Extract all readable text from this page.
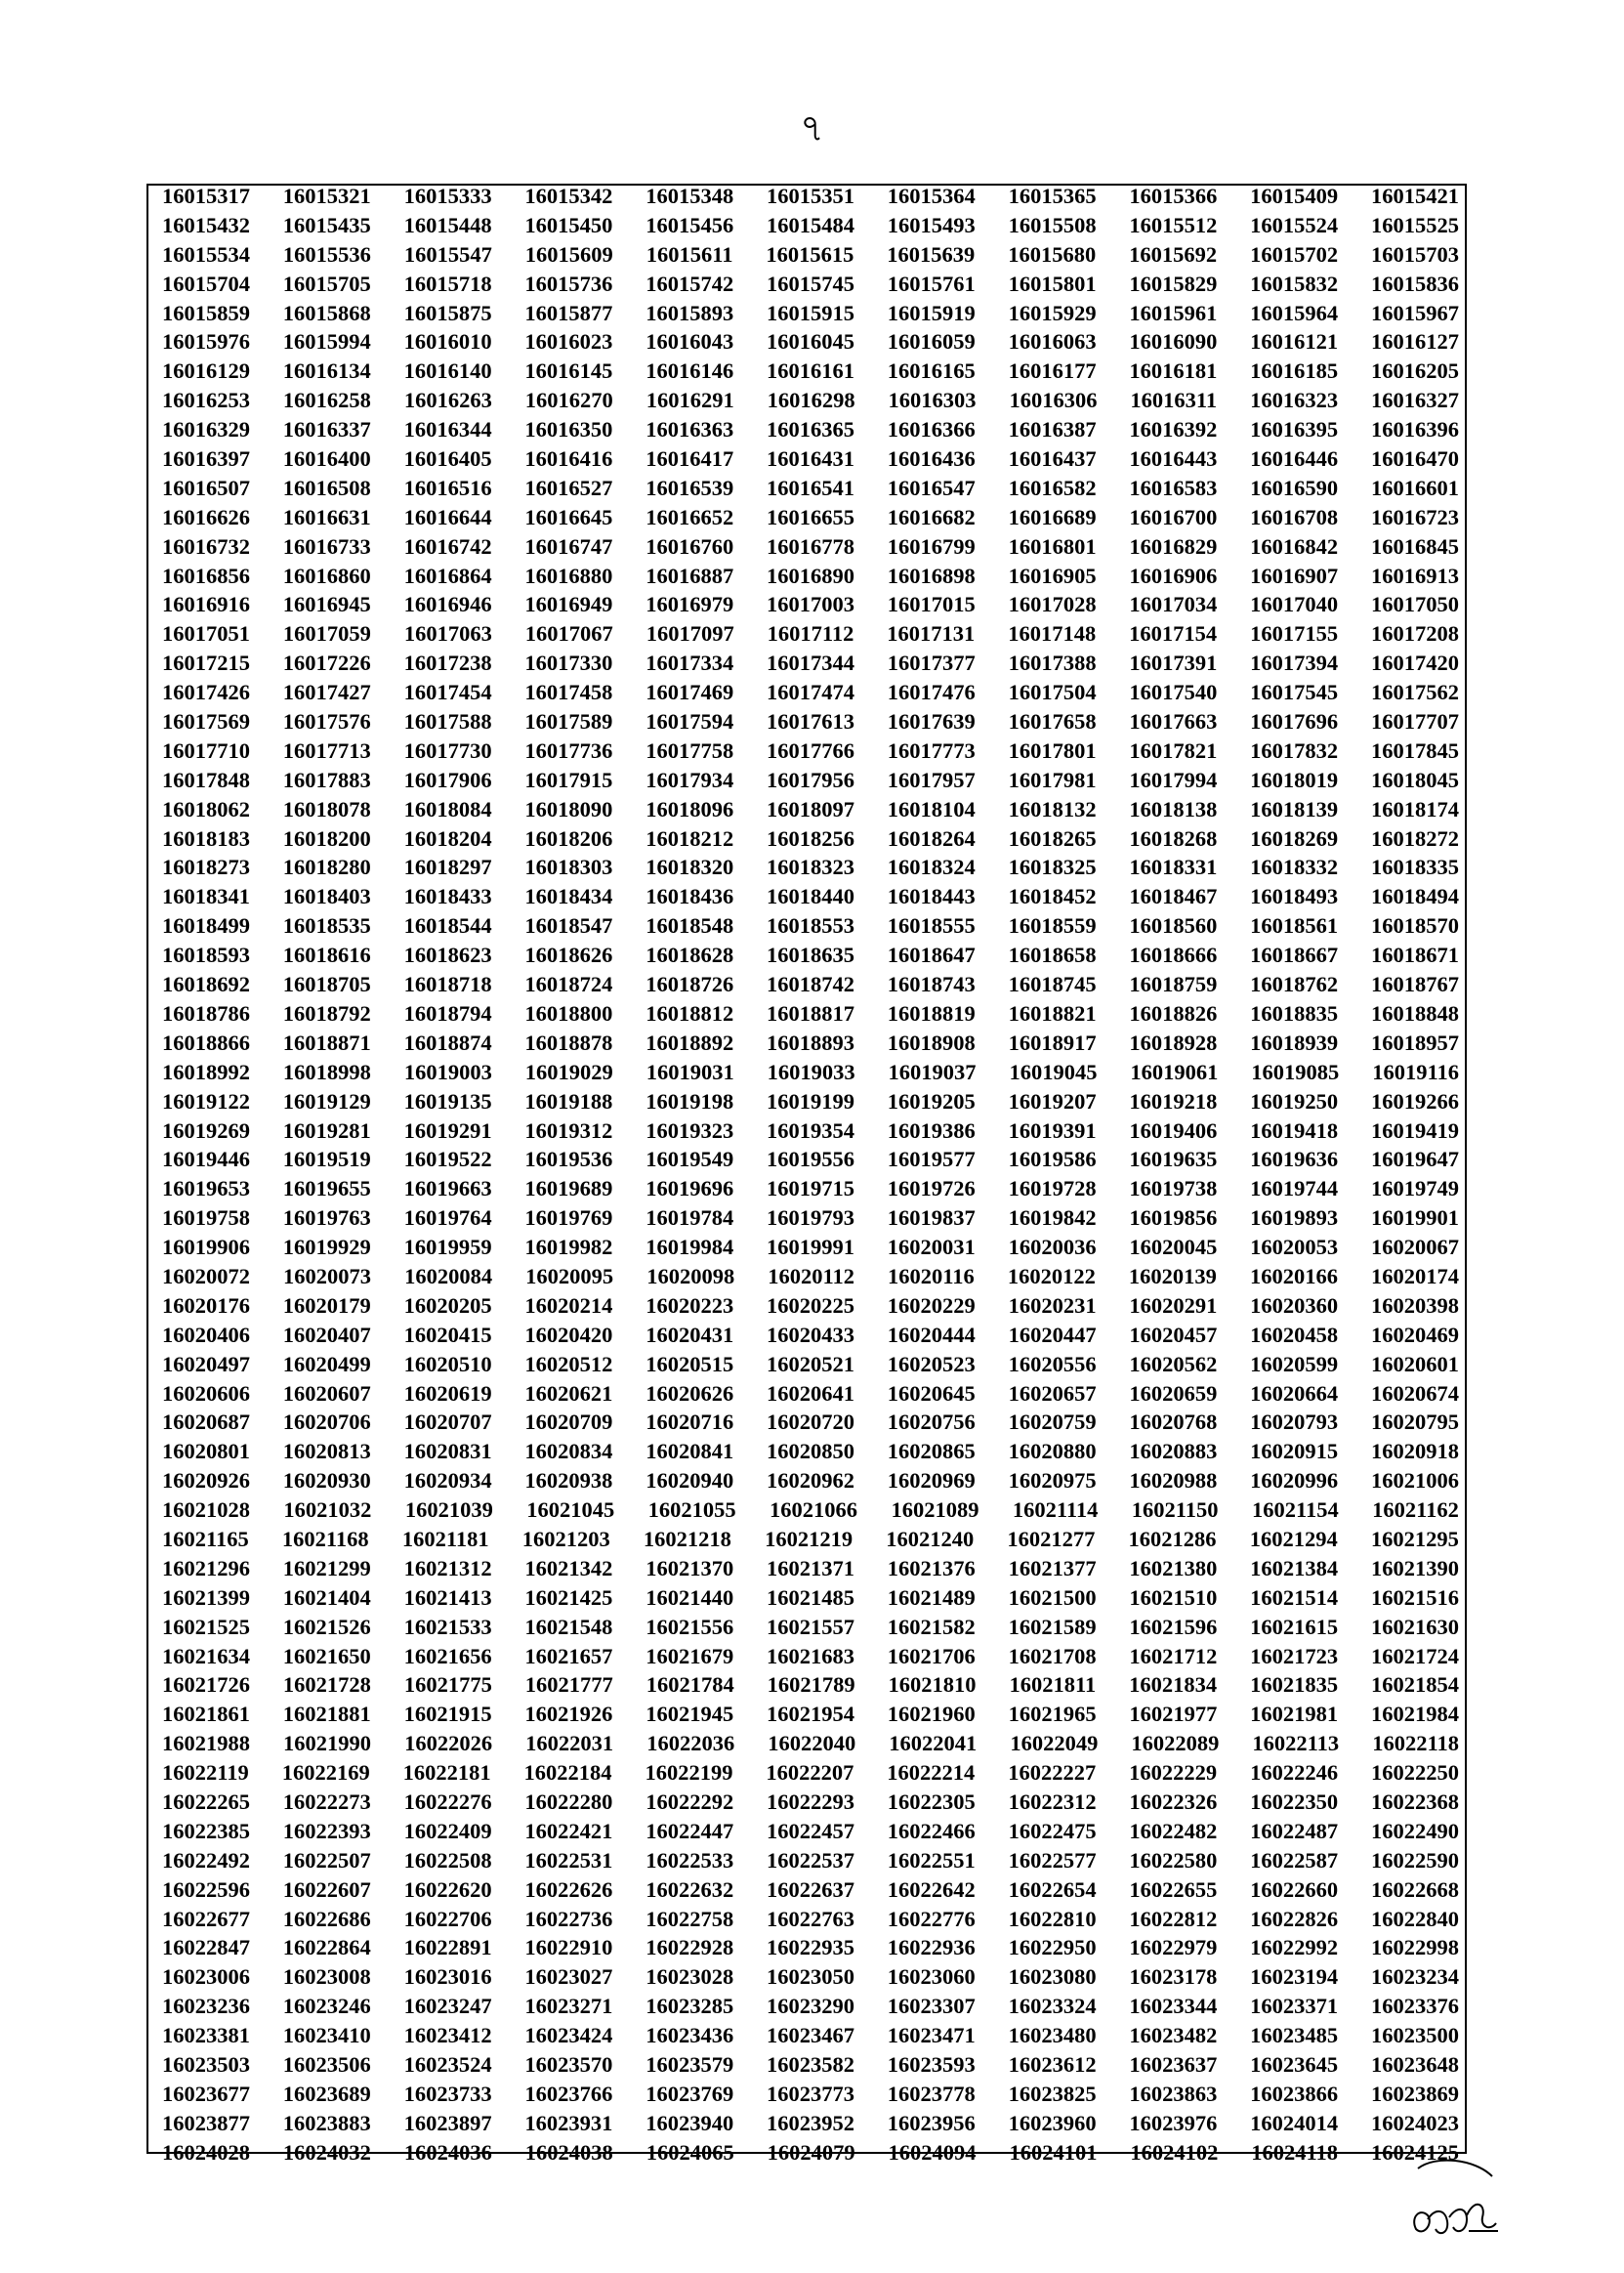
৭
16015317 16015321 16015333 16015342 16015348 16015351 16015364 16015365 16015366 16015409 16015421
16015432 16015435 16015448 16015450 16015456 16015484 16015493 16015508 16015512 16015524 16015525
16015534 16015536 16015547 16015609 16015611 16015615 16015639 16015680 16015692 16015702 16015703
16015704 16015705 16015718 16015736 16015742 16015745 16015761 16015801 16015829 16015832 16015836
16015859 16015868 16015875 16015877 16015893 16015915 16015919 16015929 16015961 16015964 16015967
16015976 16015994 16016010 16016023 16016043 16016045 16016059 16016063 16016090 16016121 16016127
16016129 16016134 16016140 16016145 16016146 16016161 16016165 16016177 16016181 16016185 16016205
16016253 16016258 16016263 16016270 16016291 16016298 16016303 16016306 16016311 16016323 16016327
16016329 16016337 16016344 16016350 16016363 16016365 16016366 16016387 16016392 16016395 16016396
16016397 16016400 16016405 16016416 16016417 16016431 16016436 16016437 16016443 16016446 16016470
16016507 16016508 16016516 16016527 16016539 16016541 16016547 16016582 16016583 16016590 16016601
16016626 16016631 16016644 16016645 16016652 16016655 16016682 16016689 16016700 16016708 16016723
16016732 16016733 16016742 16016747 16016760 16016778 16016799 16016801 16016829 16016842 16016845
16016856 16016860 16016864 16016880 16016887 16016890 16016898 16016905 16016906 16016907 16016913
16016916 16016945 16016946 16016949 16016979 16017003 16017015 16017028 16017034 16017040 16017050
16017051 16017059 16017063 16017067 16017097 16017112 16017131 16017148 16017154 16017155 16017208
16017215 16017226 16017238 16017330 16017334 16017344 16017377 16017388 16017391 16017394 16017420
16017426 16017427 16017454 16017458 16017469 16017474 16017476 16017504 16017540 16017545 16017562
16017569 16017576 16017588 16017589 16017594 16017613 16017639 16017658 16017663 16017696 16017707
16017710 16017713 16017730 16017736 16017758 16017766 16017773 16017801 16017821 16017832 16017845
16017848 16017883 16017906 16017915 16017934 16017956 16017957 16017981 16017994 16018019 16018045
16018062 16018078 16018084 16018090 16018096 16018097 16018104 16018132 16018138 16018139 16018174
16018183 16018200 16018204 16018206 16018212 16018256 16018264 16018265 16018268 16018269 16018272
16018273 16018280 16018297 16018303 16018320 16018323 16018324 16018325 16018331 16018332 16018335
16018341 16018403 16018433 16018434 16018436 16018440 16018443 16018452 16018467 16018493 16018494
16018499 16018535 16018544 16018547 16018548 16018553 16018555 16018559 16018560 16018561 16018570
16018593 16018616 16018623 16018626 16018628 16018635 16018647 16018658 16018666 16018667 16018671
16018692 16018705 16018718 16018724 16018726 16018742 16018743 16018745 16018759 16018762 16018767
16018786 16018792 16018794 16018800 16018812 16018817 16018819 16018821 16018826 16018835 16018848
16018866 16018871 16018874 16018878 16018892 16018893 16018908 16018917 16018928 16018939 16018957
16018992 16018998 16019003 16019029 16019031 16019033 16019037 16019045 16019061 16019085 16019116
16019122 16019129 16019135 16019188 16019198 16019199 16019205 16019207 16019218 16019250 16019266
16019269 16019281 16019291 16019312 16019323 16019354 16019386 16019391 16019406 16019418 16019419
16019446 16019519 16019522 16019536 16019549 16019556 16019577 16019586 16019635 16019636 16019647
16019653 16019655 16019663 16019689 16019696 16019715 16019726 16019728 16019738 16019744 16019749
16019758 16019763 16019764 16019769 16019784 16019793 16019837 16019842 16019856 16019893 16019901
16019906 16019929 16019959 16019982 16019984 16019991 16020031 16020036 16020045 16020053 16020067
16020072 16020073 16020084 16020095 16020098 16020112 16020116 16020122 16020139 16020166 16020174
16020176 16020179 16020205 16020214 16020223 16020225 16020229 16020231 16020291 16020360 16020398
16020406 16020407 16020415 16020420 16020431 16020433 16020444 16020447 16020457 16020458 16020469
16020497 16020499 16020510 16020512 16020515 16020521 16020523 16020556 16020562 16020599 16020601
16020606 16020607 16020619 16020621 16020626 16020641 16020645 16020657 16020659 16020664 16020674
16020687 16020706 16020707 16020709 16020716 16020720 16020756 16020759 16020768 16020793 16020795
16020801 16020813 16020831 16020834 16020841 16020850 16020865 16020880 16020883 16020915 16020918
16020926 16020930 16020934 16020938 16020940 16020962 16020969 16020975 16020988 16020996 16021006
16021028 16021032 16021039 16021045 16021055 16021066 16021089 16021114 16021150 16021154 16021162
16021165 16021168 16021181 16021203 16021218 16021219 16021240 16021277 16021286 16021294 16021295
16021296 16021299 16021312 16021342 16021370 16021371 16021376 16021377 16021380 16021384 16021390
16021399 16021404 16021413 16021425 16021440 16021485 16021489 16021500 16021510 16021514 16021516
16021525 16021526 16021533 16021548 16021556 16021557 16021582 16021589 16021596 16021615 16021630
16021634 16021650 16021656 16021657 16021679 16021683 16021706 16021708 16021712 16021723 16021724
16021726 16021728 16021775 16021777 16021784 16021789 16021810 16021811 16021834 16021835 16021854
16021861 16021881 16021915 16021926 16021945 16021954 16021960 16021965 16021977 16021981 16021984
16021988 16021990 16022026 16022031 16022036 16022040 16022041 16022049 16022089 16022113 16022118
16022119 16022169 16022181 16022184 16022199 16022207 16022214 16022227 16022229 16022246 16022250
16022265 16022273 16022276 16022280 16022292 16022293 16022305 16022312 16022326 16022350 16022368
16022385 16022393 16022409 16022421 16022447 16022457 16022466 16022475 16022482 16022487 16022490
16022492 16022507 16022508 16022531 16022533 16022537 16022551 16022577 16022580 16022587 16022590
16022596 16022607 16022620 16022626 16022632 16022637 16022642 16022654 16022655 16022660 16022668
16022677 16022686 16022706 16022736 16022758 16022763 16022776 16022810 16022812 16022826 16022840
16022847 16022864 16022891 16022910 16022928 16022935 16022936 16022950 16022979 16022992 16022998
16023006 16023008 16023016 16023027 16023028 16023050 16023060 16023080 16023178 16023194 16023234
16023236 16023246 16023247 16023271 16023285 16023290 16023307 16023324 16023344 16023371 16023376
16023381 16023410 16023412 16023424 16023436 16023467 16023471 16023480 16023482 16023485 16023500
16023503 16023506 16023524 16023570 16023579 16023582 16023593 16023612 16023637 16023645 16023648
16023677 16023689 16023733 16023766 16023769 16023773 16023778 16023825 16023863 16023866 16023869
16023877 16023883 16023897 16023931 16023940 16023952 16023956 16023960 16023976 16024014 16024023
16024028 16024032 16024036 16024038 16024065 16024079 16024094 16024101 16024102 16024118 16024125
